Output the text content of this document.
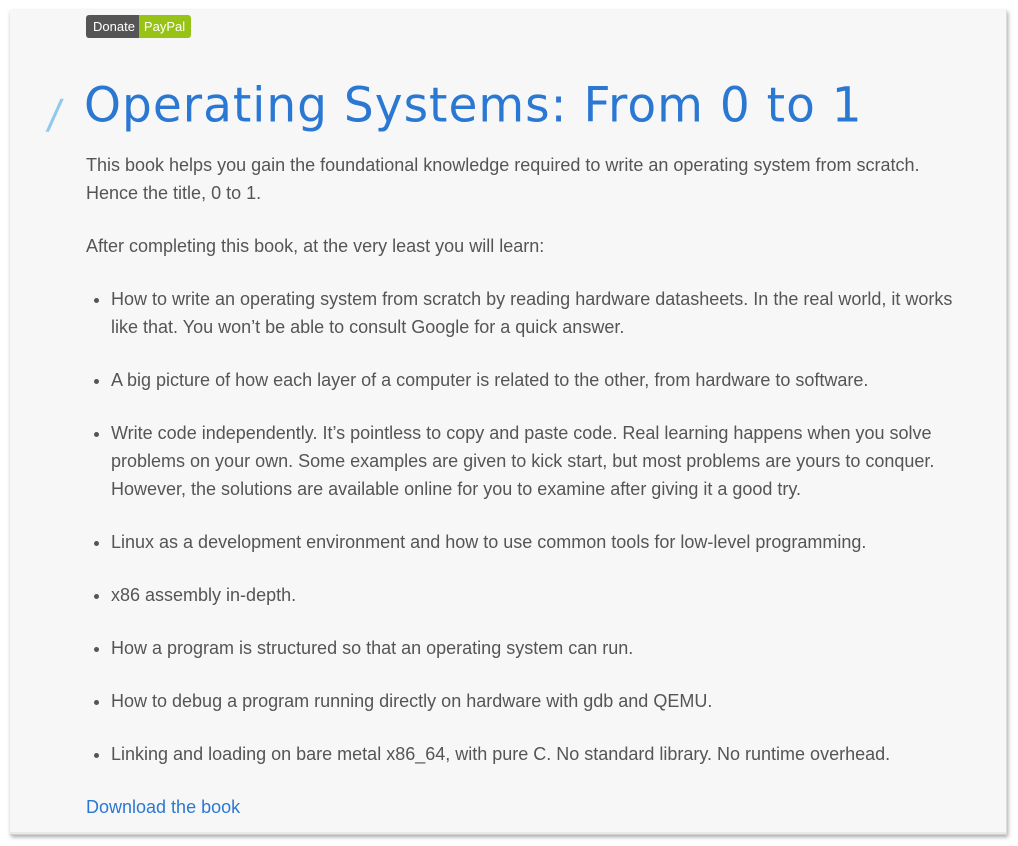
Donate PayPal
/ Operating Systems: From 0 to 1

This book helps you gain the foundational knowledge required to write an operating system from scratch. Hence the title, 0 to 1.

After completing this book, at the very least you will learn:

• How to write an operating system from scratch by reading hardware datasheets. In the real world, it works like that. You won’t be able to consult Google for a quick answer.
• A big picture of how each layer of a computer is related to the other, from hardware to software.
• Write code independently. It’s pointless to copy and paste code. Real learning happens when you solve problems on your own. Some examples are given to kick start, but most problems are yours to conquer. However, the solutions are available online for you to examine after giving it a good try.
• Linux as a development environment and how to use common tools for low-level programming.
• x86 assembly in-depth.
• How a program is structured so that an operating system can run.
• How to debug a program running directly on hardware with gdb and QEMU.
• Linking and loading on bare metal x86_64, with pure C. No standard library. No runtime overhead.
Download the book
